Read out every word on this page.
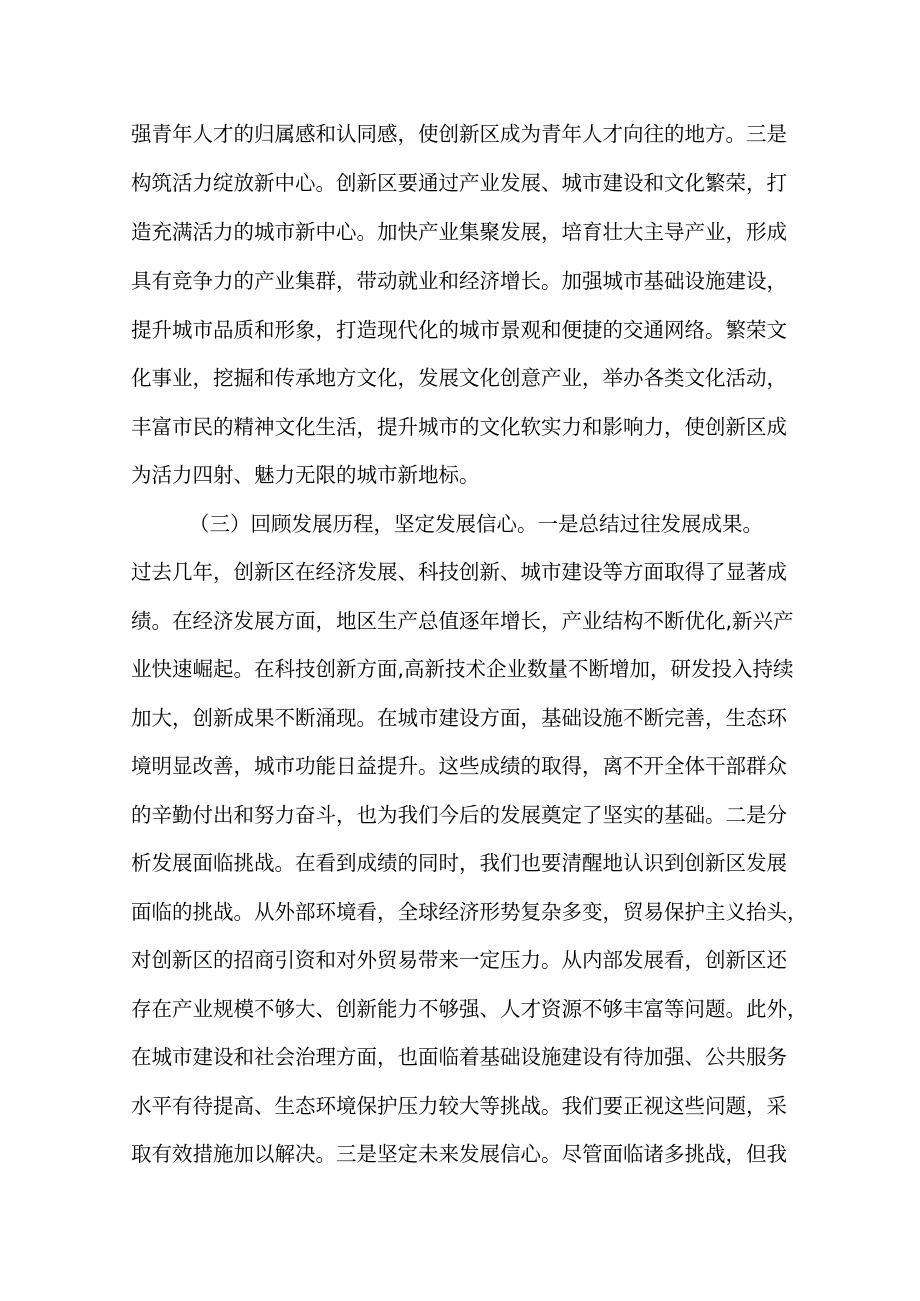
强青年人才的归属感和认同感，使创新区成为青年人才向往的地方。三是
构筑活力绽放新中心。创新区要通过产业发展、城市建设和文化繁荣，打
造充满活力的城市新中心。加快产业集聚发展，培育壮大主导产业，形成
具有竞争力的产业集群，带动就业和经济增长。加强城市基础设施建设，
提升城市品质和形象，打造现代化的城市景观和便捷的交通网络。繁荣文
化事业，挖掘和传承地方文化，发展文化创意产业，举办各类文化活动，
丰富市民的精神文化生活，提升城市的文化软实力和影响力，使创新区成
为活力四射、魅力无限的城市新地标。
（三）回顾发展历程，坚定发展信心。一是总结过往发展成果。
过去几年，创新区在经济发展、科技创新、城市建设等方面取得了显著成
绩。在经济发展方面，地区生产总值逐年增长，产业结构不断优化,新兴产
业快速崛起。在科技创新方面,高新技术企业数量不断增加，研发投入持续
加大，创新成果不断涌现。在城市建设方面，基础设施不断完善，生态环
境明显改善，城市功能日益提升。这些成绩的取得，离不开全体干部群众
的辛勤付出和努力奋斗，也为我们今后的发展奠定了坚实的基础。二是分
析发展面临挑战。在看到成绩的同时，我们也要清醒地认识到创新区发展
面临的挑战。从外部环境看，全球经济形势复杂多变，贸易保护主义抬头，
对创新区的招商引资和对外贸易带来一定压力。从内部发展看，创新区还
存在产业规模不够大、创新能力不够强、人才资源不够丰富等问题。此外，
在城市建设和社会治理方面，也面临着基础设施建设有待加强、公共服务
水平有待提高、生态环境保护压力较大等挑战。我们要正视这些问题，采
取有效措施加以解决。三是坚定未来发展信心。尽管面临诸多挑战，但我
